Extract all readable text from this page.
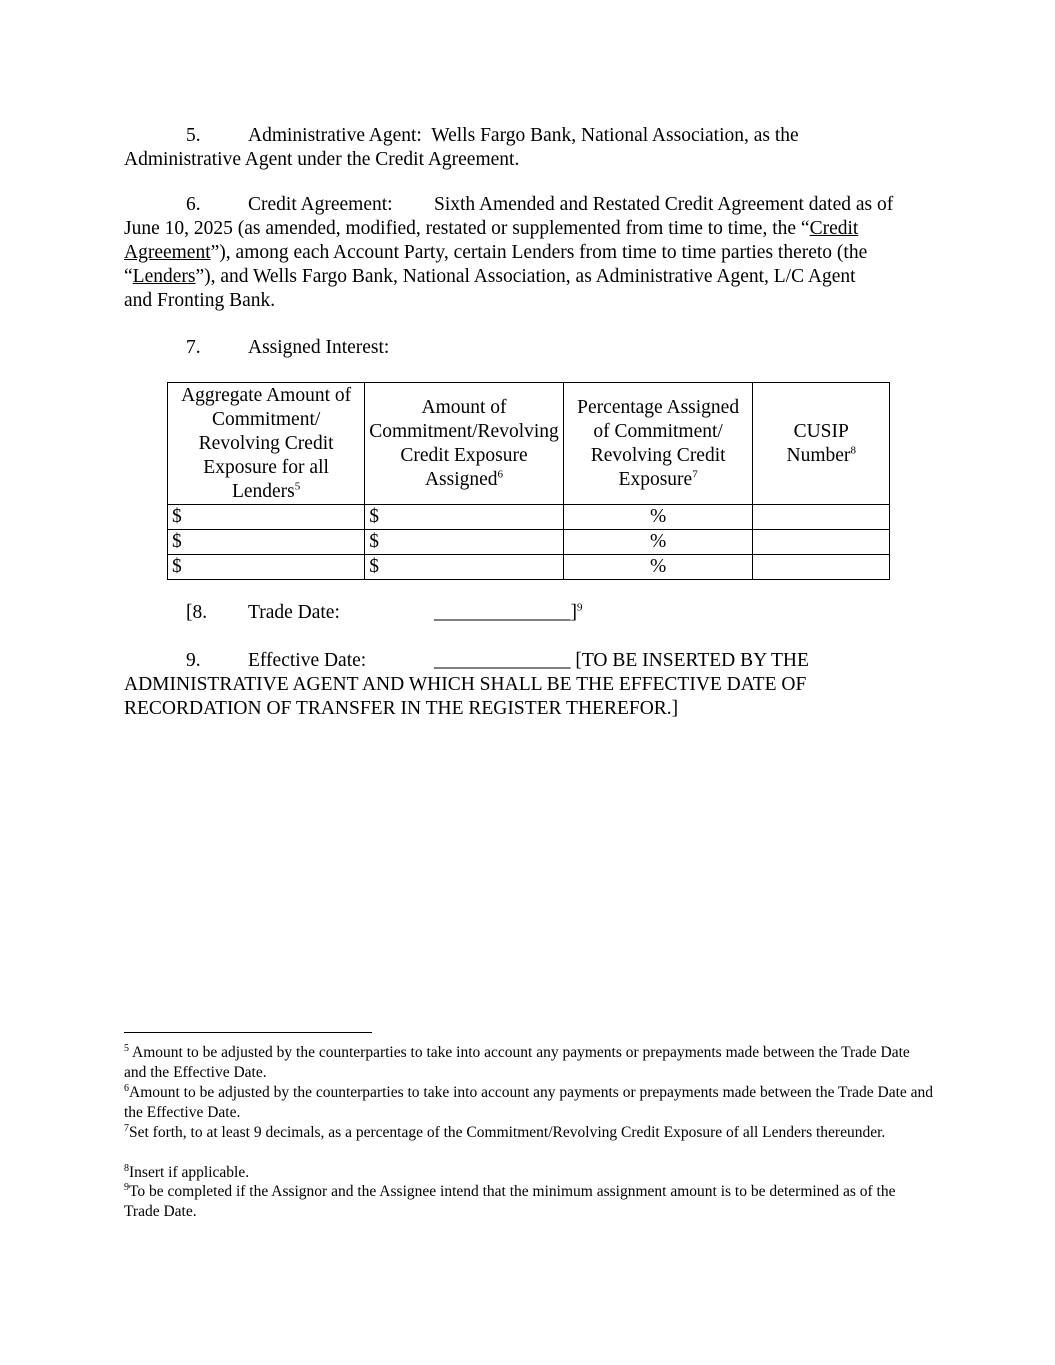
5. Administrative Agent: Wells Fargo Bank, National Association, as the
Administrative Agent under the Credit Agreement.
6. Credit Agreement: Sixth Amended and Restated Credit Agreement dated as of
June 10, 2025 (as amended, modified, restated or supplemented from time to time, the “Credit
Agreement”), among each Account Party, certain Lenders from time to time parties thereto (the
“Lenders”), and Wells Fargo Bank, National Association, as Administrative Agent, L/C Agent
and Fronting Bank.
7. Assigned Interest:
Aggregate Amount of Commitment/ Revolving Credit Exposure for all Lenders$^5$	Amount of Commitment/Revolving Credit Exposure Assigned$^6$	Percentage Assigned of Commitment/ Revolving Credit Exposure$^7$	CUSIP Number$^8$
$	$	%	
$	$	%	
$	$	%	
[8. Trade Date:	______________]$^9$
9. Effective Date:	______________ [TO BE INSERTED BY THE
ADMINISTRATIVE AGENT AND WHICH SHALL BE THE EFFECTIVE DATE OF
RECORDATION OF TRANSFER IN THE REGISTER THEREFOR.]
$^5$ Amount to be adjusted by the counterparties to take into account any payments or prepayments made between the Trade Date and the Effective Date.
$^6$Amount to be adjusted by the counterparties to take into account any payments or prepayments made between the Trade Date and the Effective Date.
$^7$Set forth, to at least 9 decimals, as a percentage of the Commitment/Revolving Credit Exposure of all Lenders thereunder.
$^8$Insert if applicable.
$^9$To be completed if the Assignor and the Assignee intend that the minimum assignment amount is to be determined as of the Trade Date.
